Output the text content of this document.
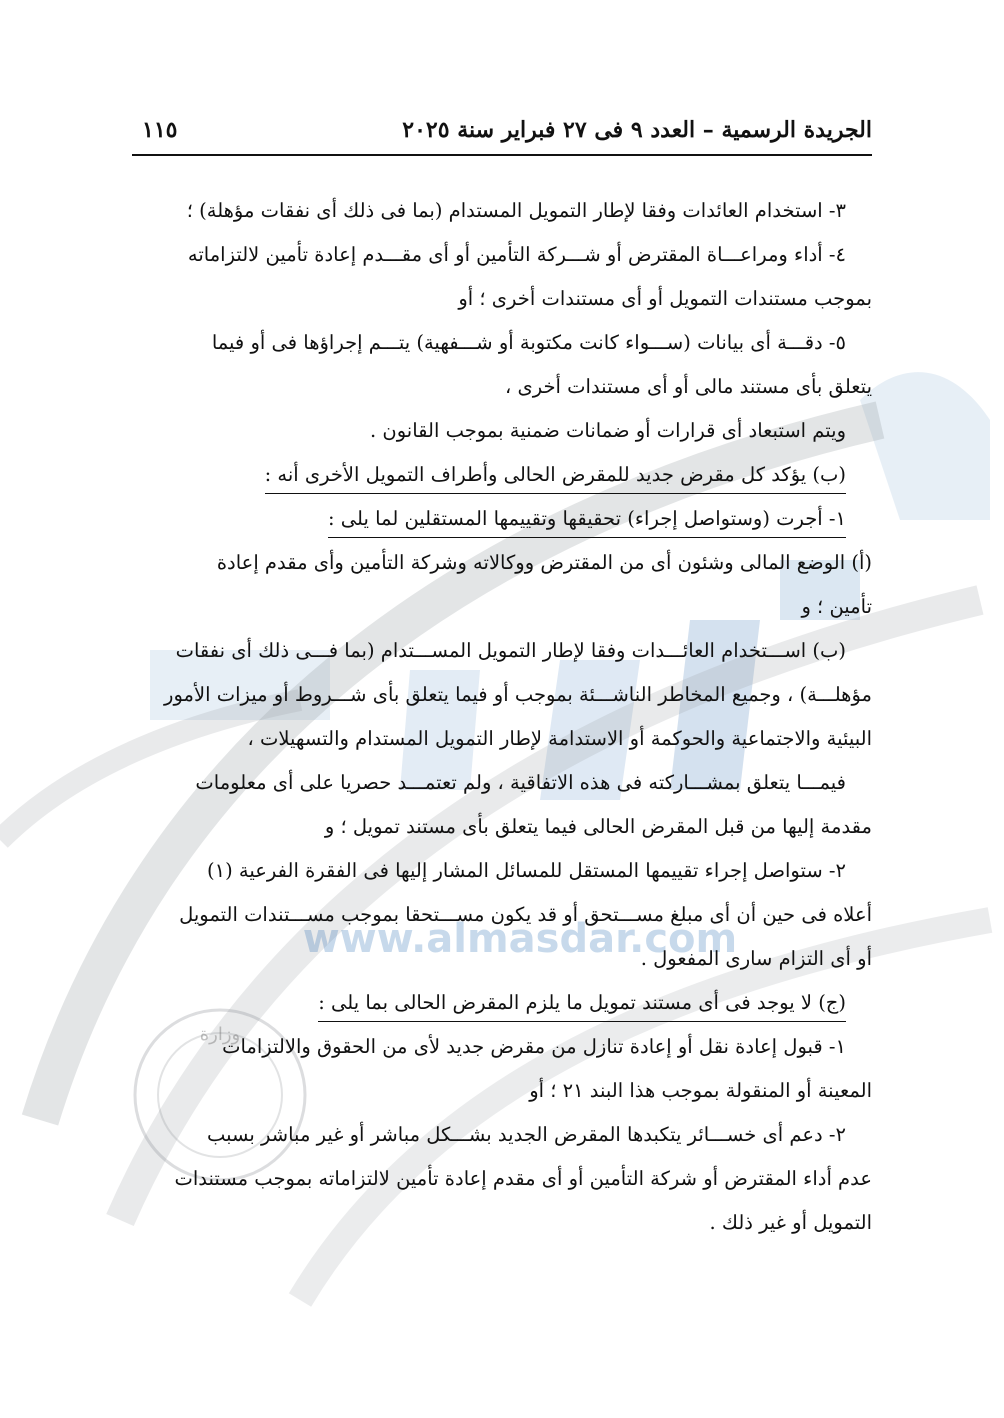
وزارة
www.almasdar.com
الجريدة الرسمية – العدد ٩ فى ٢٧ فبراير سنة ٢٠٢٥
١١٥
٣- استخدام العائدات وفقا لإطار التمويل المستدام (بما فى ذلك أى نفقات مؤهلة) ؛
٤- أداء ومراعـــاة المقترض أو شـــركة التأمين أو أى مقـــدم إعادة تأمين لالتزاماته
بموجب مستندات التمويل أو أى مستندات أخرى ؛ أو
٥- دقـــة أى بيانات (ســـواء كانت مكتوبة أو شـــفهية) يتـــم إجراؤها فى أو فيما
يتعلق بأى مستند مالى أو أى مستندات أخرى ،
ويتم استبعاد أى قرارات أو ضمانات ضمنية بموجب القانون .
(ب) يؤكد كل مقرض جديد للمقرض الحالى وأطراف التمويل الأخرى أنه :
١- أجرت (وستواصل إجراء) تحقيقها وتقييمها المستقلين لما يلى :
(أ) الوضع المالى وشئون أى من المقترض ووكالاته وشركة التأمين وأى مقدم إعادة
تأمين ؛ و
(ب) اســـتخدام العائـــدات وفقا لإطار التمويل المســـتدام (بما فـــى ذلك أى نفقات
مؤهلـــة) ، وجميع المخاطر الناشـــئة بموجب أو فيما يتعلق بأى شـــروط أو ميزات الأمور
البيئية والاجتماعية والحوكمة أو الاستدامة لإطار التمويل المستدام والتسهيلات ،
فيمـــا يتعلق بمشـــاركته فى هذه الاتفاقية ، ولم تعتمـــد حصريا على أى معلومات
مقدمة إليها من قبل المقرض الحالى فيما يتعلق بأى مستند تمويل ؛ و
٢- ستواصل إجراء تقييمها المستقل للمسائل المشار إليها فى الفقرة الفرعية (١)
أعلاه فى حين أن أى مبلغ مســـتحق أو قد يكون مســـتحقا بموجب مســـتندات التمويل
أو أى التزام سارى المفعول .
(ج) لا يوجد فى أى مستند تمويل ما يلزم المقرض الحالى بما يلى :
١- قبول إعادة نقل أو إعادة تنازل من مقرض جديد لأى من الحقوق والالتزامات
المعينة أو المنقولة بموجب هذا البند ٢١ ؛ أو
٢- دعم أى خســـائر يتكبدها المقرض الجديد بشـــكل مباشر أو غير مباشر بسبب
عدم أداء المقترض أو شركة التأمين أو أى مقدم إعادة تأمين لالتزاماته بموجب مستندات
التمويل أو غير ذلك .
